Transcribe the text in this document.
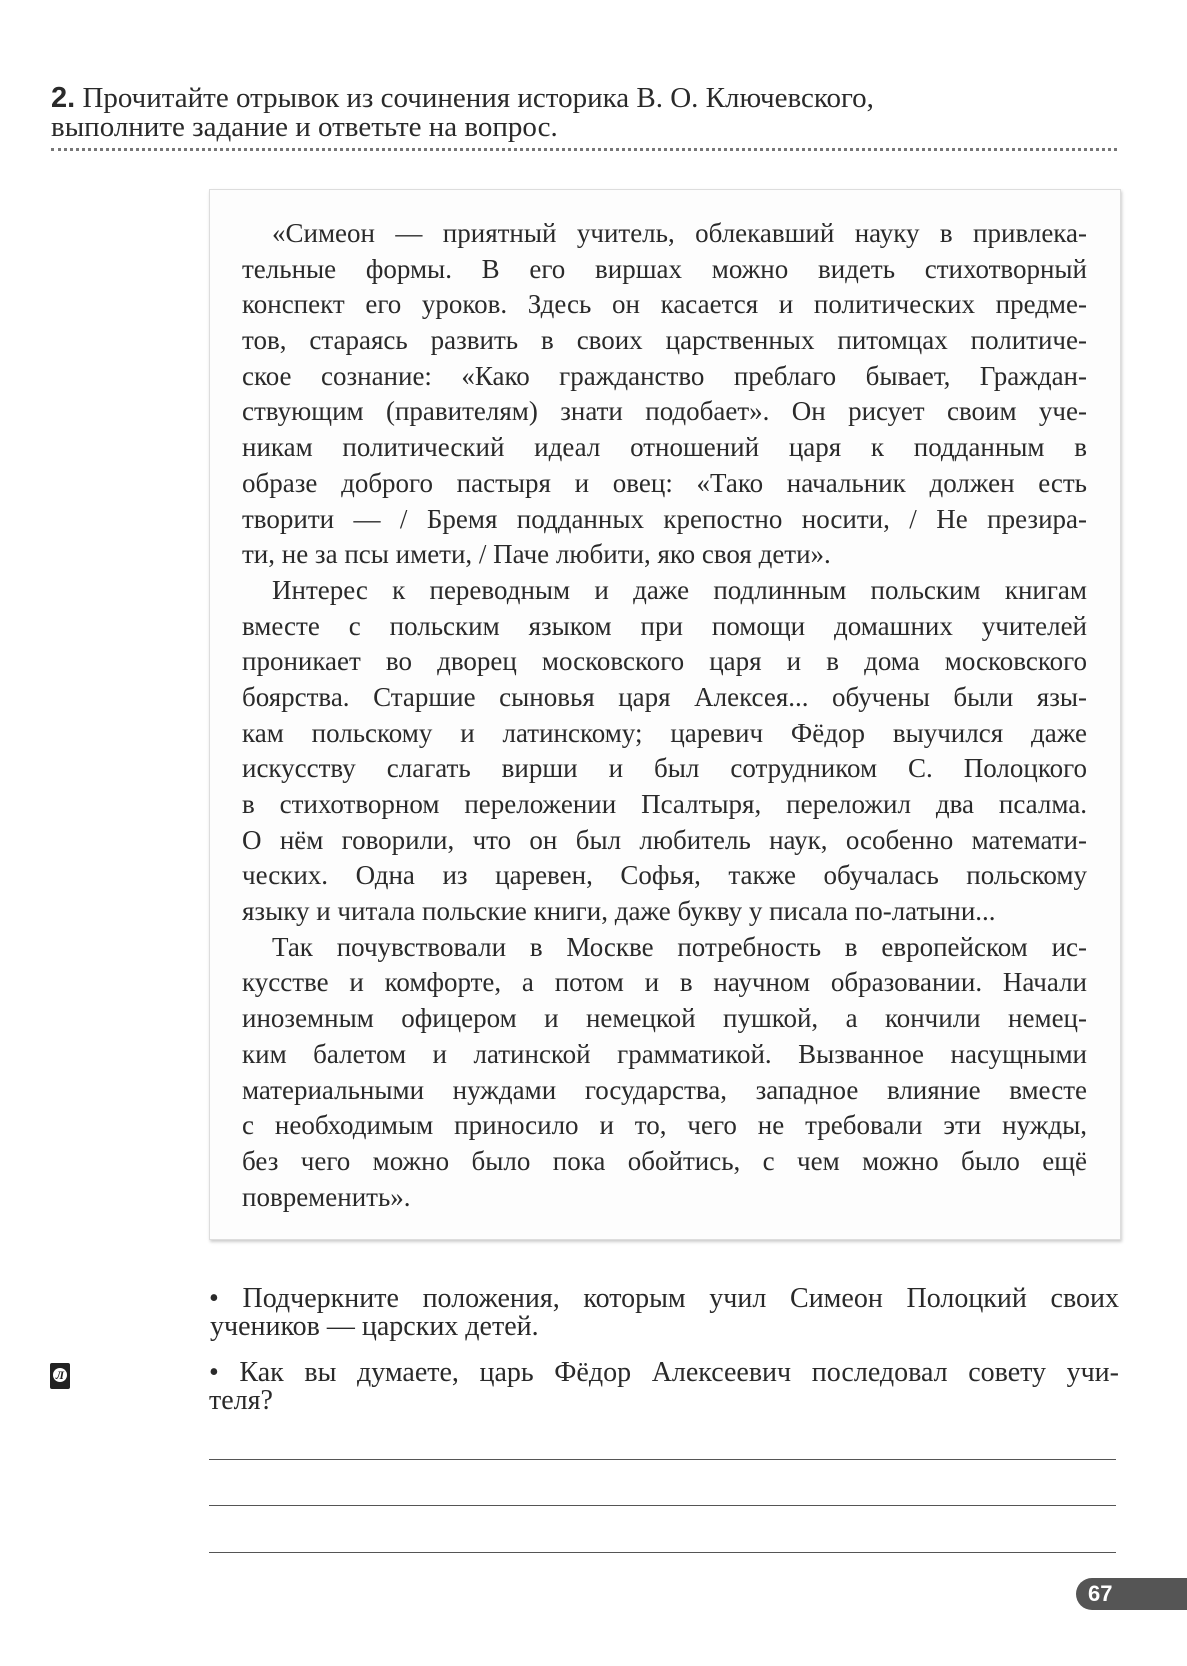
2. Прочитайте отрывок из сочинения историка В. О. Ключевского,
выполните задание и ответьте на вопрос.
«Симеон — приятный учитель, облекавший науку в привлека-
тельные формы. В его виршах можно видеть стихотворный
конспект его уроков. Здесь он касается и политических предме-
тов, стараясь развить в своих царственных питомцах политиче-
ское сознание: «Како гражданство преблаго бывает, Граждан-
ствующим (правителям) знати подобает». Он рисует своим уче-
никам политический идеал отношений царя к подданным в
образе доброго пастыря и овец: «Тако начальник должен есть
творити — / Бремя подданных крепостно носити, / Не презира-
ти, не за псы имети, / Паче любити, яко своя дети».
Интерес к переводным и даже подлинным польским книгам
вместе с польским языком при помощи домашних учителей
проникает во дворец московского царя и в дома московского
боярства. Старшие сыновья царя Алексея... обучены были язы-
кам польскому и латинскому; царевич Фёдор выучился даже
искусству слагать вирши и был сотрудником С. Полоцкого
в стихотворном переложении Псалтыря, переложил два псалма.
О нём говорили, что он был любитель наук, особенно математи-
ческих. Одна из царевен, Софья, также обучалась польскому
языку и читала польские книги, даже букву у писала по-латыни...
Так почувствовали в Москве потребность в европейском ис-
кусстве и комфорте, а потом и в научном образовании. Начали
иноземным офицером и немецкой пушкой, а кончили немец-
ким балетом и латинской грамматикой. Вызванное насущными
материальными нуждами государства, западное влияние вместе
с необходимым приносило и то, чего не требовали эти нужды,
без чего можно было пока обойтись, с чем можно было ещё
повременить».
• Подчеркните положения, которым учил Симеон Полоцкий своих
учеников — царских детей.
Л	• Как вы думаете, царь Фёдор Алексеевич последовал совету учи-
теля?
67
